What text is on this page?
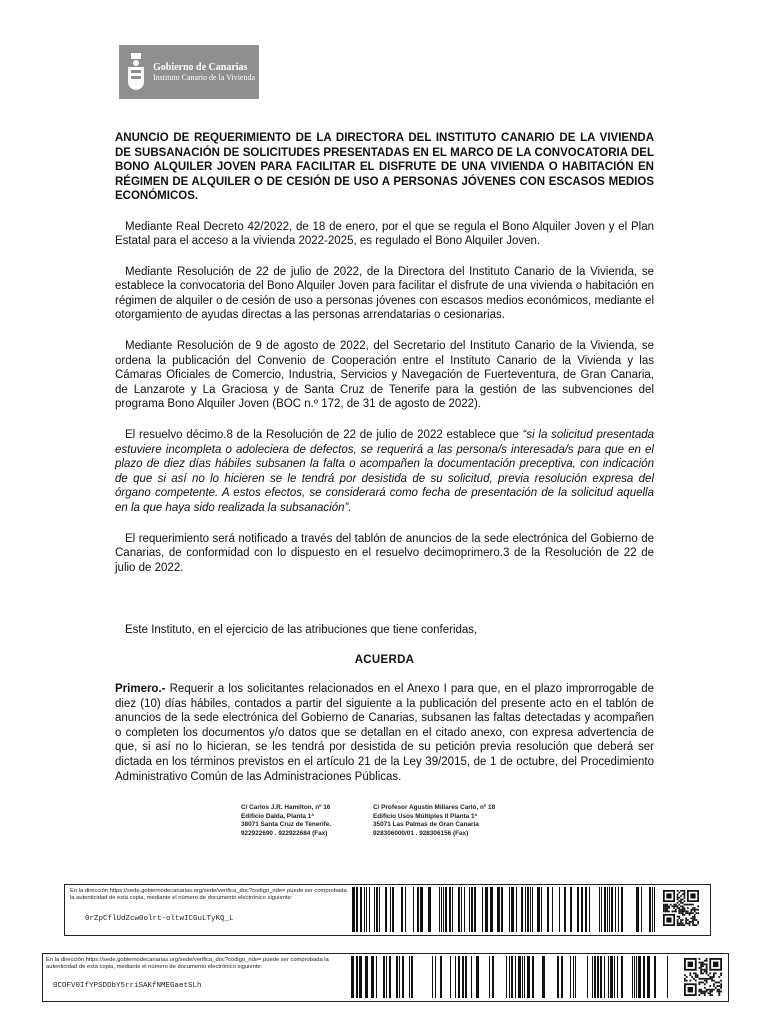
Gobierno de Canarias
Instituto Canario de la Vivienda

ANUNCIO DE REQUERIMIENTO DE LA DIRECTORA DEL INSTITUTO CANARIO DE LA VIVIENDA DE SUBSANACIÓN DE SOLICITUDES PRESENTADAS EN EL MARCO DE LA CONVOCATORIA DEL BONO ALQUILER JOVEN PARA FACILITAR EL DISFRUTE DE UNA VIVIENDA O HABITACIÓN EN RÉGIMEN DE ALQUILER O DE CESIÓN DE USO A PERSONAS JÓVENES CON ESCASOS MEDIOS ECONÓMICOS.

Mediante Real Decreto 42/2022, de 18 de enero, por el que se regula el Bono Alquiler Joven y el Plan Estatal para el acceso a la vivienda 2022-2025, es regulado el Bono Alquiler Joven.

Mediante Resolución de 22 de julio de 2022, de la Directora del Instituto Canario de la Vivienda, se establece la convocatoria del Bono Alquiler Joven para facilitar el disfrute de una vivienda o habitación en régimen de alquiler o de cesión de uso a personas jóvenes con escasos medios económicos, mediante el otorgamiento de ayudas directas a las personas arrendatarias o cesionarias.

Mediante Resolución de 9 de agosto de 2022, del Secretario del Instituto Canario de la Vivienda, se ordena la publicación del Convenio de Cooperación entre el Instituto Canario de la Vivienda y las Cámaras Oficiales de Comercio, Industria, Servicios y Navegación de Fuerteventura, de Gran Canaria, de Lanzarote y La Graciosa y de Santa Cruz de Tenerife para la gestión de las subvenciones del programa Bono Alquiler Joven (BOC n.º 172, de 31 de agosto de 2022).

El resuelvo décimo.8 de la Resolución de 22 de julio de 2022 establece que “si la solicitud presentada estuviere incompleta o adoleciera de defectos, se requerirá a las persona/s interesada/s para que en el plazo de diez días hábiles subsanen la falta o acompañen la documentación preceptiva, con indicación de que si así no lo hicieren se le tendrá por desistida de su solicitud, previa resolución expresa del órgano competente. A estos efectos, se considerará como fecha de presentación de la solicitud aquella en la que haya sido realizada la subsanación”.

El requerimiento será notificado a través del tablón de anuncios de la sede electrónica del Gobierno de Canarias, de conformidad con lo dispuesto en el resuelvo decimoprimero.3 de la Resolución de 22 de julio de 2022.

Este Instituto, en el ejercicio de las atribuciones que tiene conferidas,

ACUERDA

Primero.- Requerir a los solicitantes relacionados en el Anexo I para que, en el plazo improrrogable de diez (10) días hábiles, contados a partir del siguiente a la publicación del presente acto en el tablón de anuncios de la sede electrónica del Gobierno de Canarias, subsanen las faltas detectadas y acompañen o completen los documentos y/o datos que se detallan en el citado anexo, con expresa advertencia de que, si así no lo hicieran, se les tendrá por desistida de su petición previa resolución que deberá ser dictada en los términos previstos en el artículo 21 de la Ley 39/2015, de 1 de octubre, del Procedimiento Administrativo Común de las Administraciones Públicas.

C/ Carlos J.R. Hamilton, nº 16
Edificio Dalda, Planta 1ª
38071 Santa Cruz de Tenerife.
922922690 . 922922684 (Fax)
C/ Profesor Agustín Millares Carló, nº 18
Edificio Usos Múltiples II Planta 1ª
35071 Las Palmas de Gran Canaria
928306000/01 . 928306156 (Fax)
En la dirección https://sede.gobiernodecanarias.org/sede/verifica_doc?codigo_nde= puede ser comprobada la autenticidad de esta copia, mediante el número de documento electrónico siguiente:
0rZpCflUdZcw0olrt-oltwICGuLTyKQ_L
En la dirección https://sede.gobiernodecanarias.org/sede/verifica_doc?codigo_nde= puede ser comprobada la autenticidad de esta copia, mediante el número de documento electrónico siguiente:
0COFV0IfYPSDDbY5rriSAKfNMEGaetSLh
